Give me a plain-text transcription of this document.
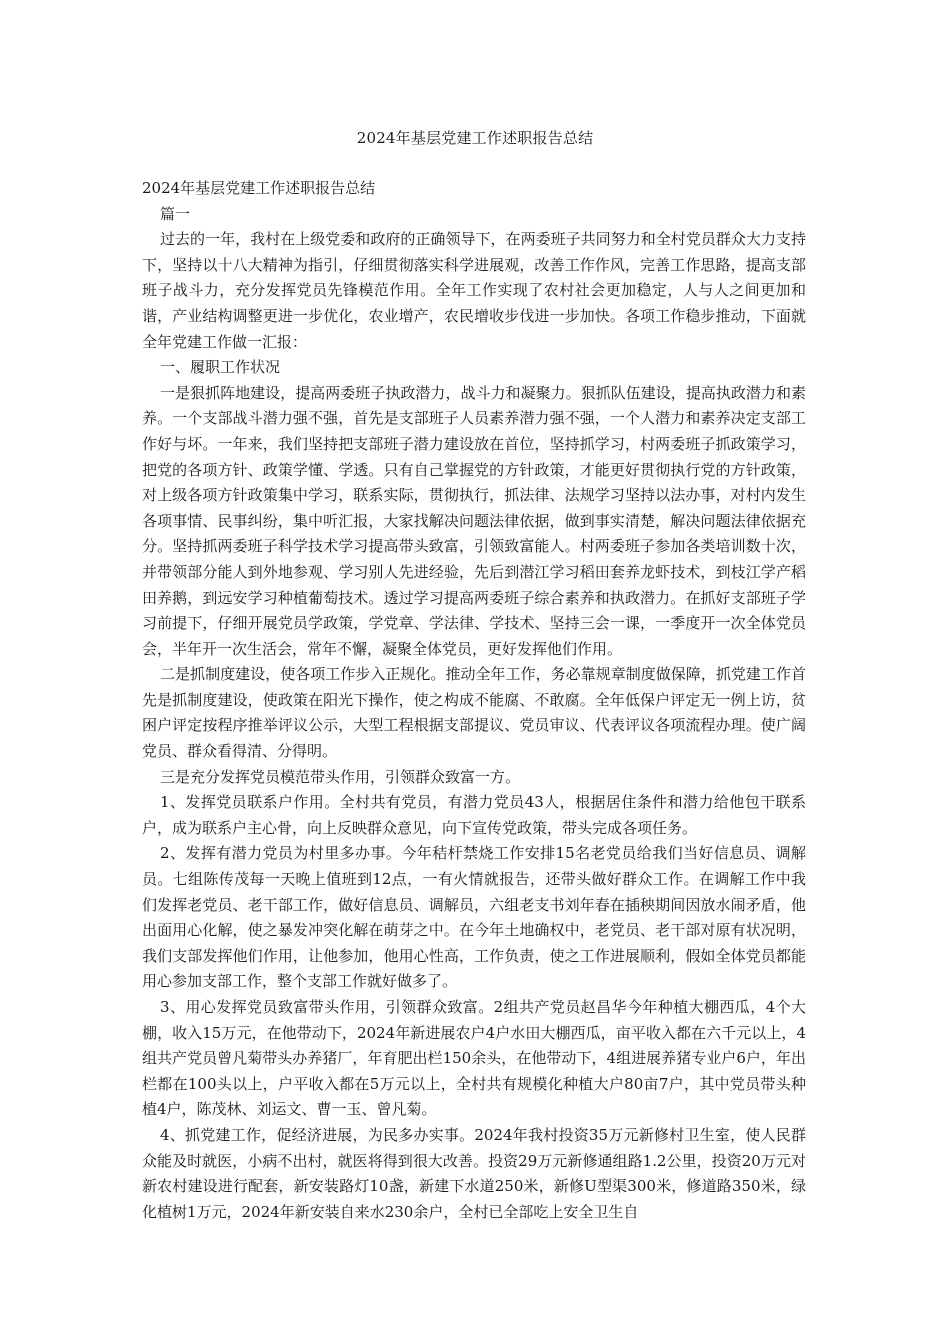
2024年基层党建工作述职报告总结

2024年基层党建工作述职报告总结

篇一

过去的一年，我村在上级党委和政府的正确领导下，在两委班子共同努力和全村党员群众大力支持下，坚持以十八大精神为指引，仔细贯彻落实科学进展观，改善工作作风，完善工作思路，提高支部班子战斗力，充分发挥党员先锋模范作用。全年工作实现了农村社会更加稳定，人与人之间更加和谐，产业结构调整更进一步优化，农业增产，农民增收步伐进一步加快。各项工作稳步推动，下面就全年党建工作做一汇报：

一、履职工作状况

一是狠抓阵地建设，提高两委班子执政潜力，战斗力和凝聚力。狠抓队伍建设，提高执政潜力和素养。一个支部战斗潜力强不强，首先是支部班子人员素养潜力强不强，一个人潜力和素养决定支部工作好与坏。一年来，我们坚持把支部班子潜力建设放在首位，坚持抓学习，村两委班子抓政策学习，把党的各项方针、政策学懂、学透。只有自己掌握党的方针政策，才能更好贯彻执行党的方针政策，对上级各项方针政策集中学习，联系实际，贯彻执行，抓法律、法规学习坚持以法办事，对村内发生各项事情、民事纠纷，集中听汇报，大家找解决问题法律依据，做到事实清楚，解决问题法律依据充分。坚持抓两委班子科学技术学习提高带头致富，引领致富能人。村两委班子参加各类培训数十次，并带领部分能人到外地参观、学习别人先进经验，先后到潜江学习稻田套养龙虾技术，到枝江学产稻田养鹅，到远安学习种植葡萄技术。透过学习提高两委班子综合素养和执政潜力。在抓好支部班子学习前提下，仔细开展党员学政策，学党章、学法律、学技术、坚持三会一课，一季度开一次全体党员会，半年开一次生活会，常年不懈，凝聚全体党员，更好发挥他们作用。

二是抓制度建设，使各项工作步入正规化。推动全年工作，务必靠规章制度做保障，抓党建工作首先是抓制度建设，使政策在阳光下操作，使之构成不能腐、不敢腐。全年低保户评定无一例上访，贫困户评定按程序推举评议公示，大型工程根据支部提议、党员审议、代表评议各项流程办理。使广阔党员、群众看得清、分得明。

三是充分发挥党员模范带头作用，引领群众致富一方。

1、发挥党员联系户作用。全村共有党员，有潜力党员43人，根据居住条件和潜力给他包干联系户，成为联系户主心骨，向上反映群众意见，向下宣传党政策，带头完成各项任务。

2、发挥有潜力党员为村里多办事。今年秸杆禁烧工作安排15名老党员给我们当好信息员、调解员。七组陈传茂每一天晚上值班到12点，一有火情就报告，还带头做好群众工作。在调解工作中我们发挥老党员、老干部工作，做好信息员、调解员，六组老支书刘年春在插秧期间因放水闹矛盾，他出面用心化解，使之暴发冲突化解在萌芽之中。在今年土地确权中，老党员、老干部对原有状况明，我们支部发挥他们作用，让他参加，他用心性高，工作负责，使之工作进展顺利，假如全体党员都能用心参加支部工作，整个支部工作就好做多了。

3、用心发挥党员致富带头作用，引领群众致富。2组共产党员赵昌华今年种植大棚西瓜，4个大棚，收入15万元，在他带动下，2024年新进展农户4户水田大棚西瓜，亩平收入都在六千元以上，4组共产党员曾凡菊带头办养猪厂，年育肥出栏150余头，在他带动下，4组进展养猪专业户6户，年出栏都在100头以上，户平收入都在5万元以上，全村共有规模化种植大户80亩7户，其中党员带头种植4户，陈茂林、刘运文、曹一玉、曾凡菊。

4、抓党建工作，促经济进展，为民多办实事。2024年我村投资35万元新修村卫生室，使人民群众能及时就医，小病不出村，就医将得到很大改善。投资29万元新修通组路1.2公里，投资20万元对新农村建设进行配套，新安装路灯10盏，新建下水道250米，新修U型渠300米，修道路350米，绿化植树1万元，2024年新安装自来水230余户，全村已全部吃上安全卫生自
